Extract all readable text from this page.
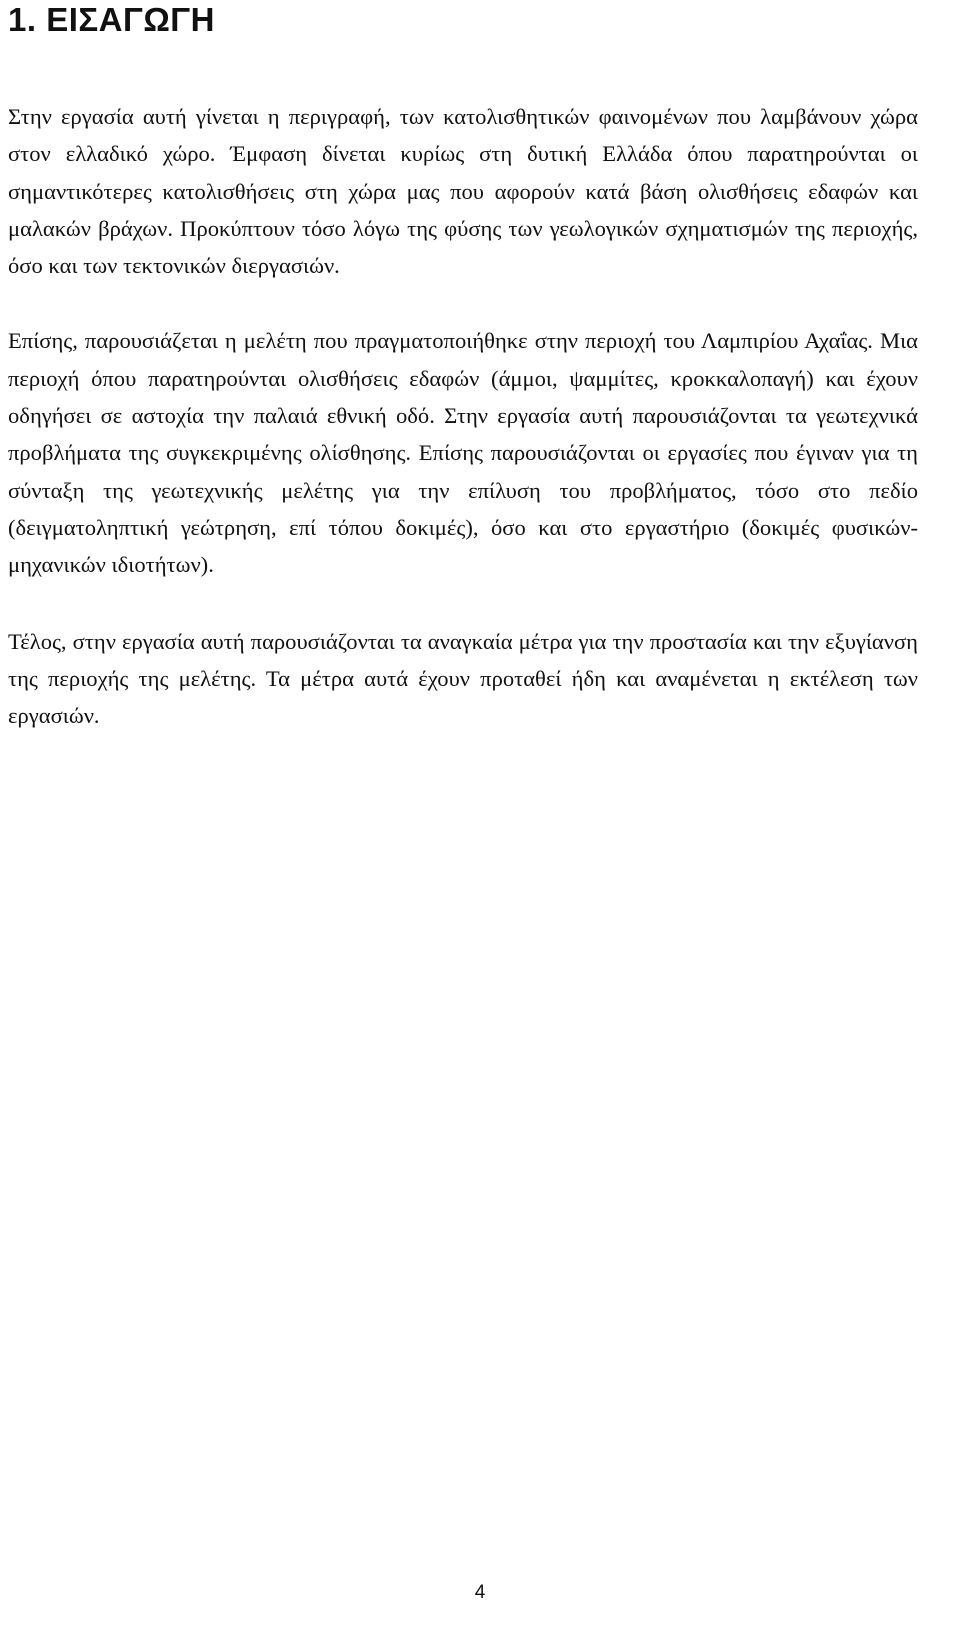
1. ΕΙΣΑΓΩΓΗ

Στην εργασία αυτή γίνεται η περιγραφή, των κατολισθητικών φαινομένων που λαμβάνουν χώρα στον ελλαδικό χώρο. Έμφαση δίνεται κυρίως στη δυτική Ελλάδα όπου παρατηρούνται οι σημαντικότερες κατολισθήσεις στη χώρα μας που αφορούν κατά βάση ολισθήσεις εδαφών και μαλακών βράχων. Προκύπτουν τόσο λόγω της φύσης των γεωλογικών σχηματισμών της περιοχής, όσο και των τεκτονικών διεργασιών.

Επίσης, παρουσιάζεται η μελέτη που πραγματοποιήθηκε στην περιοχή του Λαμπιρίου Αχαΐας. Μια περιοχή όπου παρατηρούνται ολισθήσεις εδαφών (άμμοι, ψαμμίτες, κροκκαλοπαγή) και έχουν οδηγήσει σε αστοχία την παλαιά εθνική οδό. Στην εργασία αυτή παρουσιάζονται τα γεωτεχνικά προβλήματα της συγκεκριμένης ολίσθησης. Επίσης παρουσιάζονται οι εργασίες που έγιναν για τη σύνταξη της γεωτεχνικής μελέτης για την επίλυση του προβλήματος, τόσο στο πεδίο (δειγματοληπτική γεώτρηση, επί τόπου δοκιμές), όσο και στο εργαστήριο (δοκιμές φυσικών-μηχανικών ιδιοτήτων).

Τέλος, στην εργασία αυτή παρουσιάζονται τα αναγκαία μέτρα για την προστασία και την εξυγίανση της περιοχής της μελέτης. Τα μέτρα αυτά έχουν προταθεί ήδη και αναμένεται η εκτέλεση των εργασιών.

4
